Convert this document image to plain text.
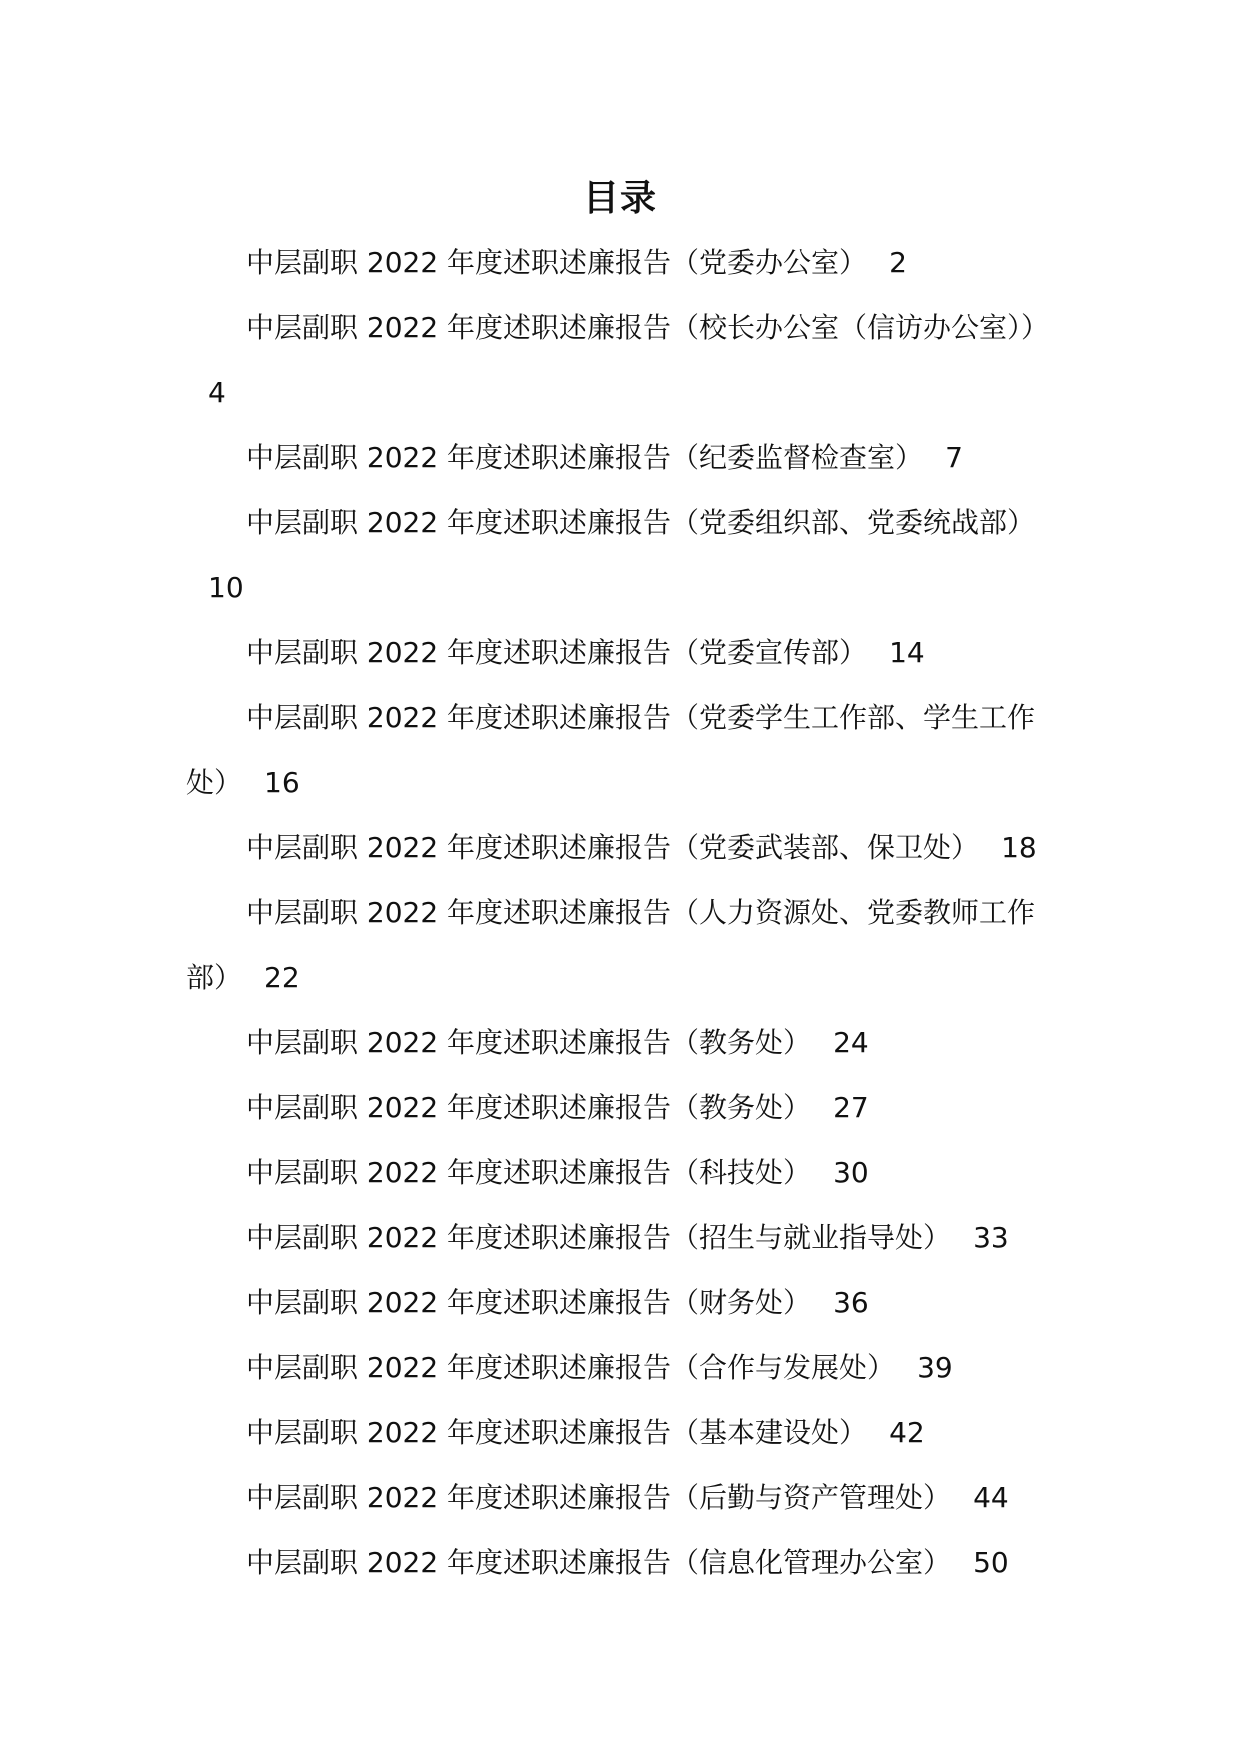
目录
中层副职 2022 年度述职述廉报告（党委办公室） 2
中层副职 2022 年度述职述廉报告（校长办公室（信访办公室））4
中层副职 2022 年度述职述廉报告（纪委监督检查室） 7
中层副职 2022 年度述职述廉报告（党委组织部、党委统战部）10
中层副职 2022 年度述职述廉报告（党委宣传部） 14
中层副职 2022 年度述职述廉报告（党委学生工作部、学生工作处） 16
中层副职 2022 年度述职述廉报告（党委武装部、保卫处） 18
中层副职 2022 年度述职述廉报告（人力资源处、党委教师工作部） 22
中层副职 2022 年度述职述廉报告（教务处） 24
中层副职 2022 年度述职述廉报告（教务处） 27
中层副职 2022 年度述职述廉报告（科技处） 30
中层副职 2022 年度述职述廉报告（招生与就业指导处） 33
中层副职 2022 年度述职述廉报告（财务处） 36
中层副职 2022 年度述职述廉报告（合作与发展处） 39
中层副职 2022 年度述职述廉报告（基本建设处） 42
中层副职 2022 年度述职述廉报告（后勤与资产管理处） 44
中层副职 2022 年度述职述廉报告（信息化管理办公室） 50
